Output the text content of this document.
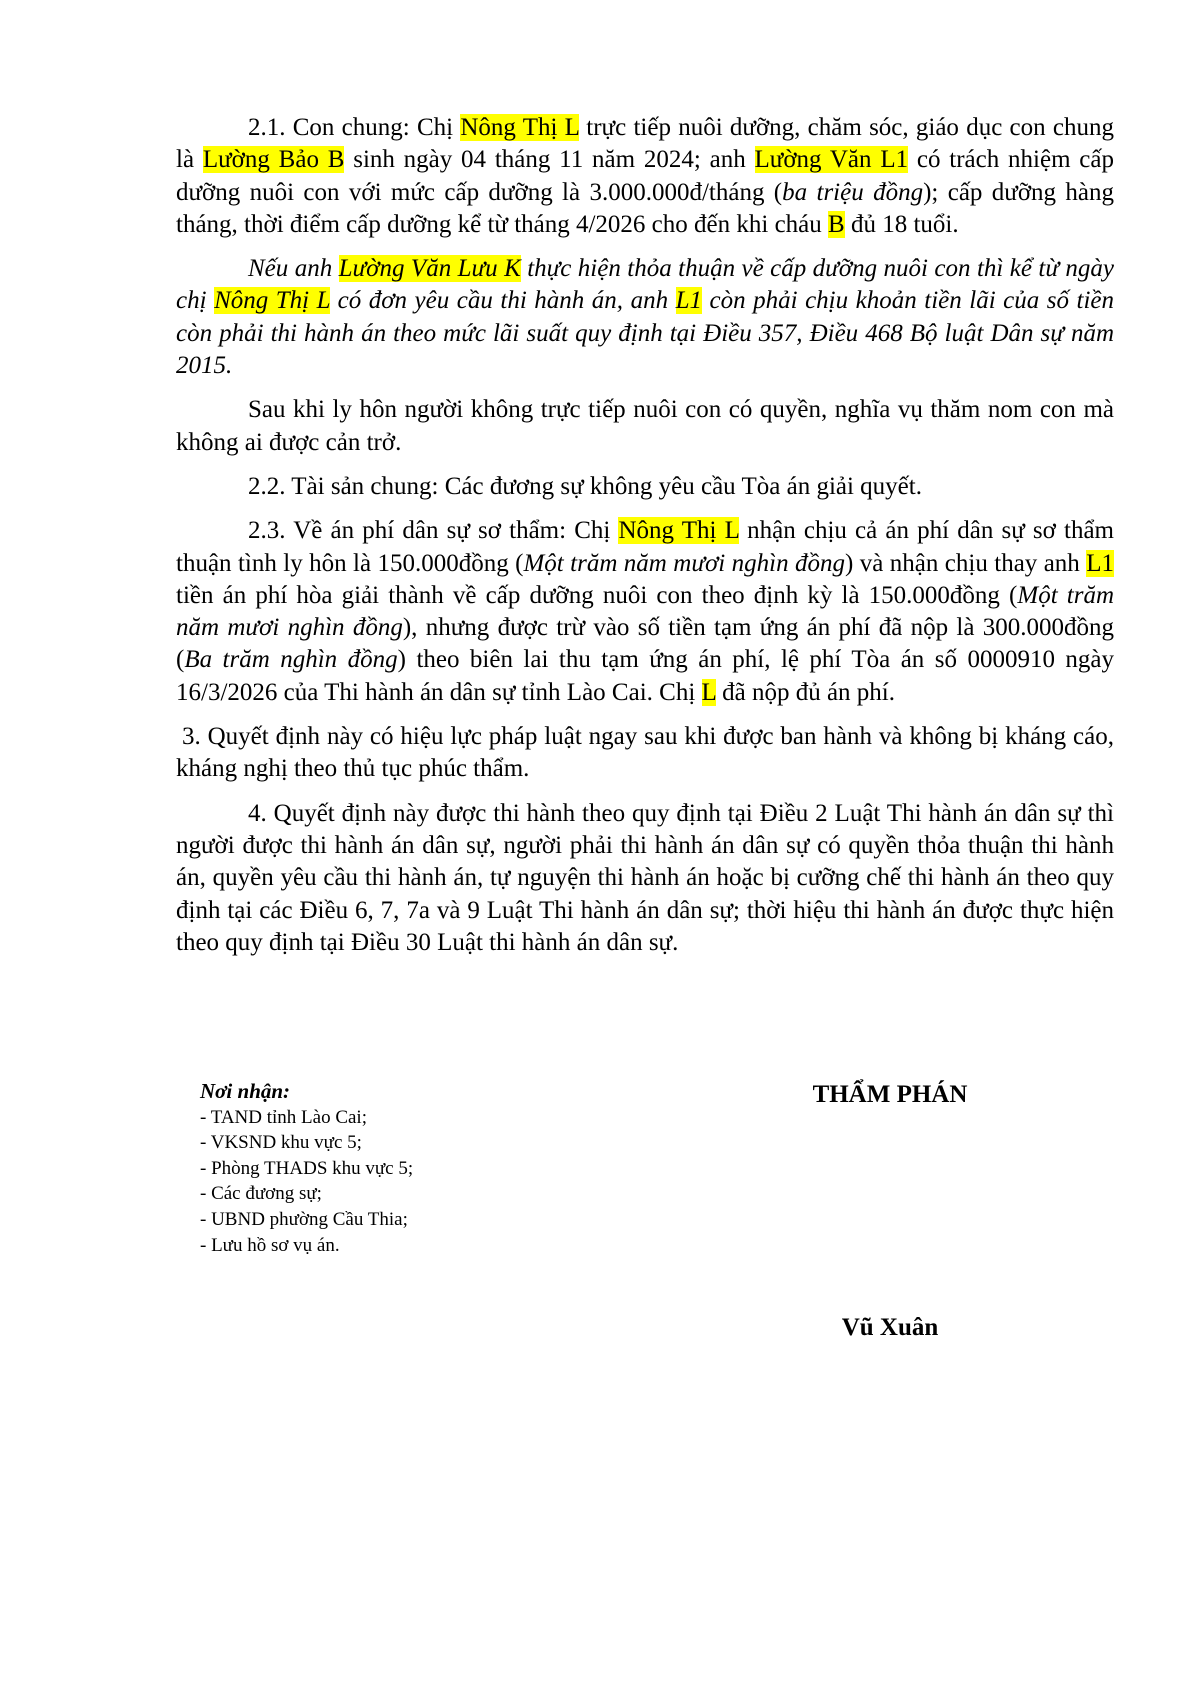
2.1. Con chung: Chị Nông Thị L trực tiếp nuôi dưỡng, chăm sóc, giáo dục con chung là Lường Bảo B sinh ngày 04 tháng 11 năm 2024; anh Lường Văn L1 có trách nhiệm cấp dưỡng nuôi con với mức cấp dưỡng là 3.000.000đ/tháng (ba triệu đồng); cấp dưỡng hàng tháng, thời điểm cấp dưỡng kể từ tháng 4/2026 cho đến khi cháu B đủ 18 tuổi.

Nếu anh Lường Văn Lưu K thực hiện thỏa thuận về cấp dưỡng nuôi con thì kể từ ngày chị Nông Thị L có đơn yêu cầu thi hành án, anh L1 còn phải chịu khoản tiền lãi của số tiền còn phải thi hành án theo mức lãi suất quy định tại Điều 357, Điều 468 Bộ luật Dân sự năm 2015.

Sau khi ly hôn người không trực tiếp nuôi con có quyền, nghĩa vụ thăm nom con mà không ai được cản trở.

2.2. Tài sản chung: Các đương sự không yêu cầu Tòa án giải quyết.

2.3. Về án phí dân sự sơ thẩm: Chị Nông Thị L nhận chịu cả án phí dân sự sơ thẩm thuận tình ly hôn là 150.000đồng (Một trăm năm mươi nghìn đồng) và nhận chịu thay anh L1 tiền án phí hòa giải thành về cấp dưỡng nuôi con theo định kỳ là 150.000đồng (Một trăm năm mươi nghìn đồng), nhưng được trừ vào số tiền tạm ứng án phí đã nộp là 300.000đồng (Ba trăm nghìn đồng) theo biên lai thu tạm ứng án phí, lệ phí Tòa án số 0000910 ngày 16/3/2026 của Thi hành án dân sự tỉnh Lào Cai. Chị L đã nộp đủ án phí.

3. Quyết định này có hiệu lực pháp luật ngay sau khi được ban hành và không bị kháng cáo, kháng nghị theo thủ tục phúc thẩm.

4. Quyết định này được thi hành theo quy định tại Điều 2 Luật Thi hành án dân sự thì người được thi hành án dân sự, người phải thi hành án dân sự có quyền thỏa thuận thi hành án, quyền yêu cầu thi hành án, tự nguyện thi hành án hoặc bị cưỡng chế thi hành án theo quy định tại các Điều 6, 7, 7a và 9 Luật Thi hành án dân sự; thời hiệu thi hành án được thực hiện theo quy định tại Điều 30 Luật thi hành án dân sự.

Nơi nhận:
- TAND tỉnh Lào Cai;
- VKSND khu vực 5;
- Phòng THADS khu vực 5;
- Các đương sự;
- UBND phường Cầu Thia;
- Lưu hồ sơ vụ án.
THẨM PHÁN
Vũ Xuân
